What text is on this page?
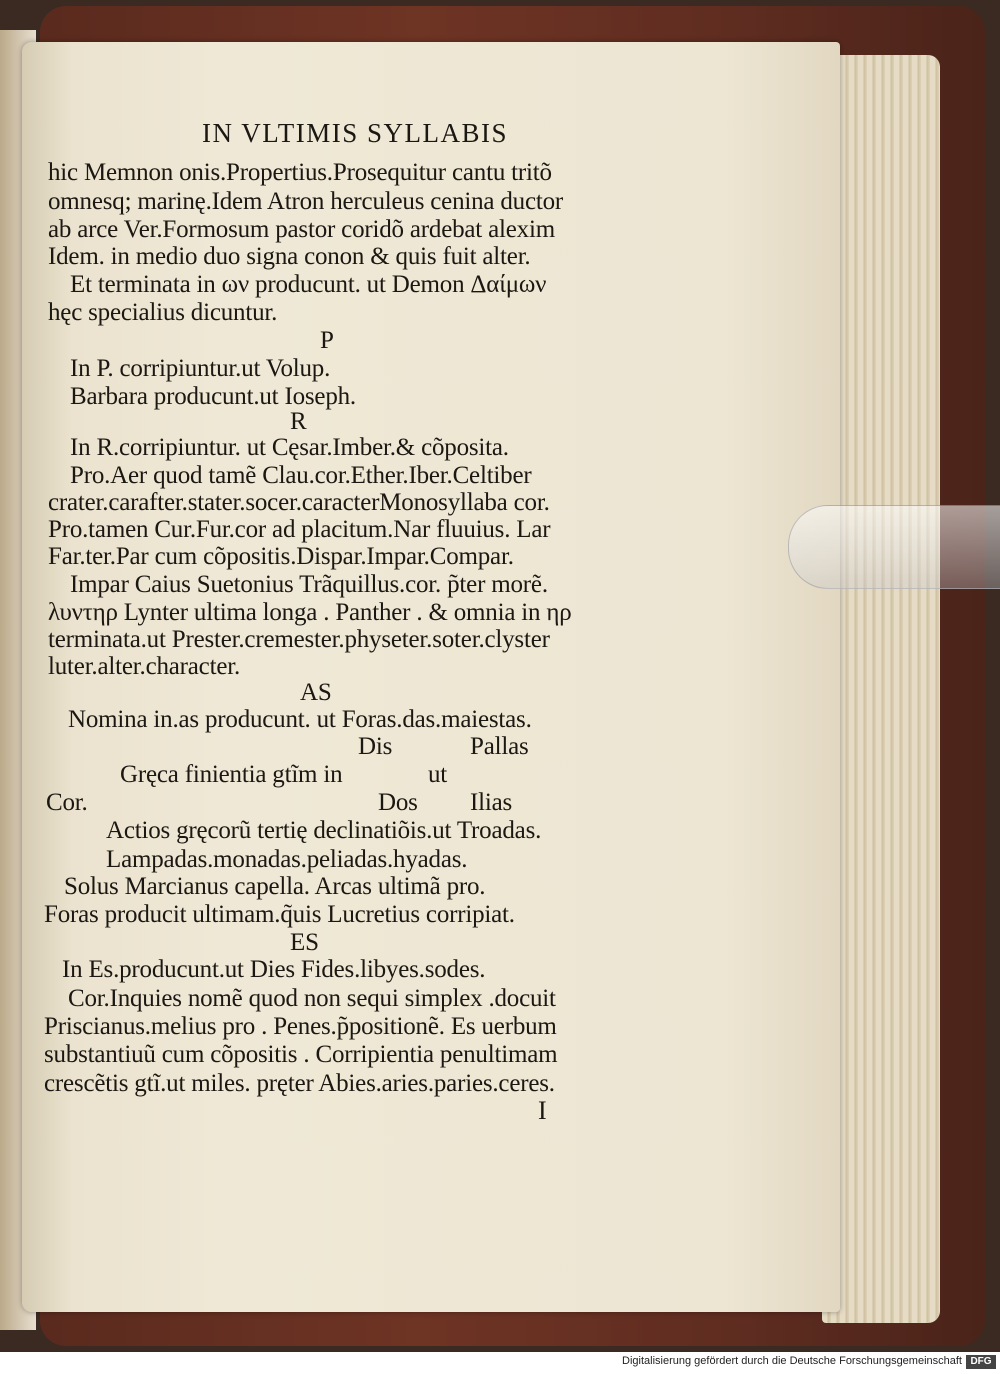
IN VLTIMIS SYLLABIS
hic Memnon onis.Propertius.Prosequitur cantu tritõ
omnesq; marinę.Idem Atron herculeus cenina ductor
ab arce Ver.Formosum pastor coridõ ardebat alexim
Idem. in medio duo signa conon & quis fuit alter.
Et terminata in ων producunt. ut Demon Δαίμων
hęc specialius dicuntur.
P
In P. corripiuntur.ut Volup.
Barbara producunt.ut Ioseph.
R
In R.corripiuntur. ut Cęsar.Imber.& cõposita.
Pro.Aer quod tamẽ Clau.cor.Ether.Iber.Celtiber
crater.carafter.stater.socer.caracterMonosyllaba cor.
Pro.tamen Cur.Fur.cor ad placitum.Nar fluuius. Lar
Far.ter.Par cum cõpositis.Dispar.Impar.Compar.
Impar Caius Suetonius Trãquillus.cor. p̃ter morẽ.
λυντηρ Lynter ultima longa . Panther . & omnia in ηρ
terminata.ut Prester.cremester.physeter.soter.clyster
luter.alter.character.
AS
Nomina in.as producunt. ut Foras.das.maiestas.
Dis	Pallas
Gręca finientia gtĩm in	ut
Cor.	Dos Ilias
Actios gręcorũ tertię declinatiõis.ut Troadas.
Lampadas.monadas.peliadas.hyadas.
Solus Marcianus capella. Arcas ultimã pro.
Foras producit ultimam.q̃uis Lucretius corripiat.
ES
In Es.producunt.ut Dies Fides.libyes.sodes.
Cor.Inquies nomẽ quod non sequi simplex .docuit
Priscianus.melius pro . Penes.p̃positionẽ. Es uerbum
substantiuũ cum cõpositis . Corripientia penultimam
crescẽtis gtĩ.ut miles. pręter Abies.aries.paries.ceres.
I
Digitalisierung gefördert durch die Deutsche Forschungsgemeinschaft DFG
